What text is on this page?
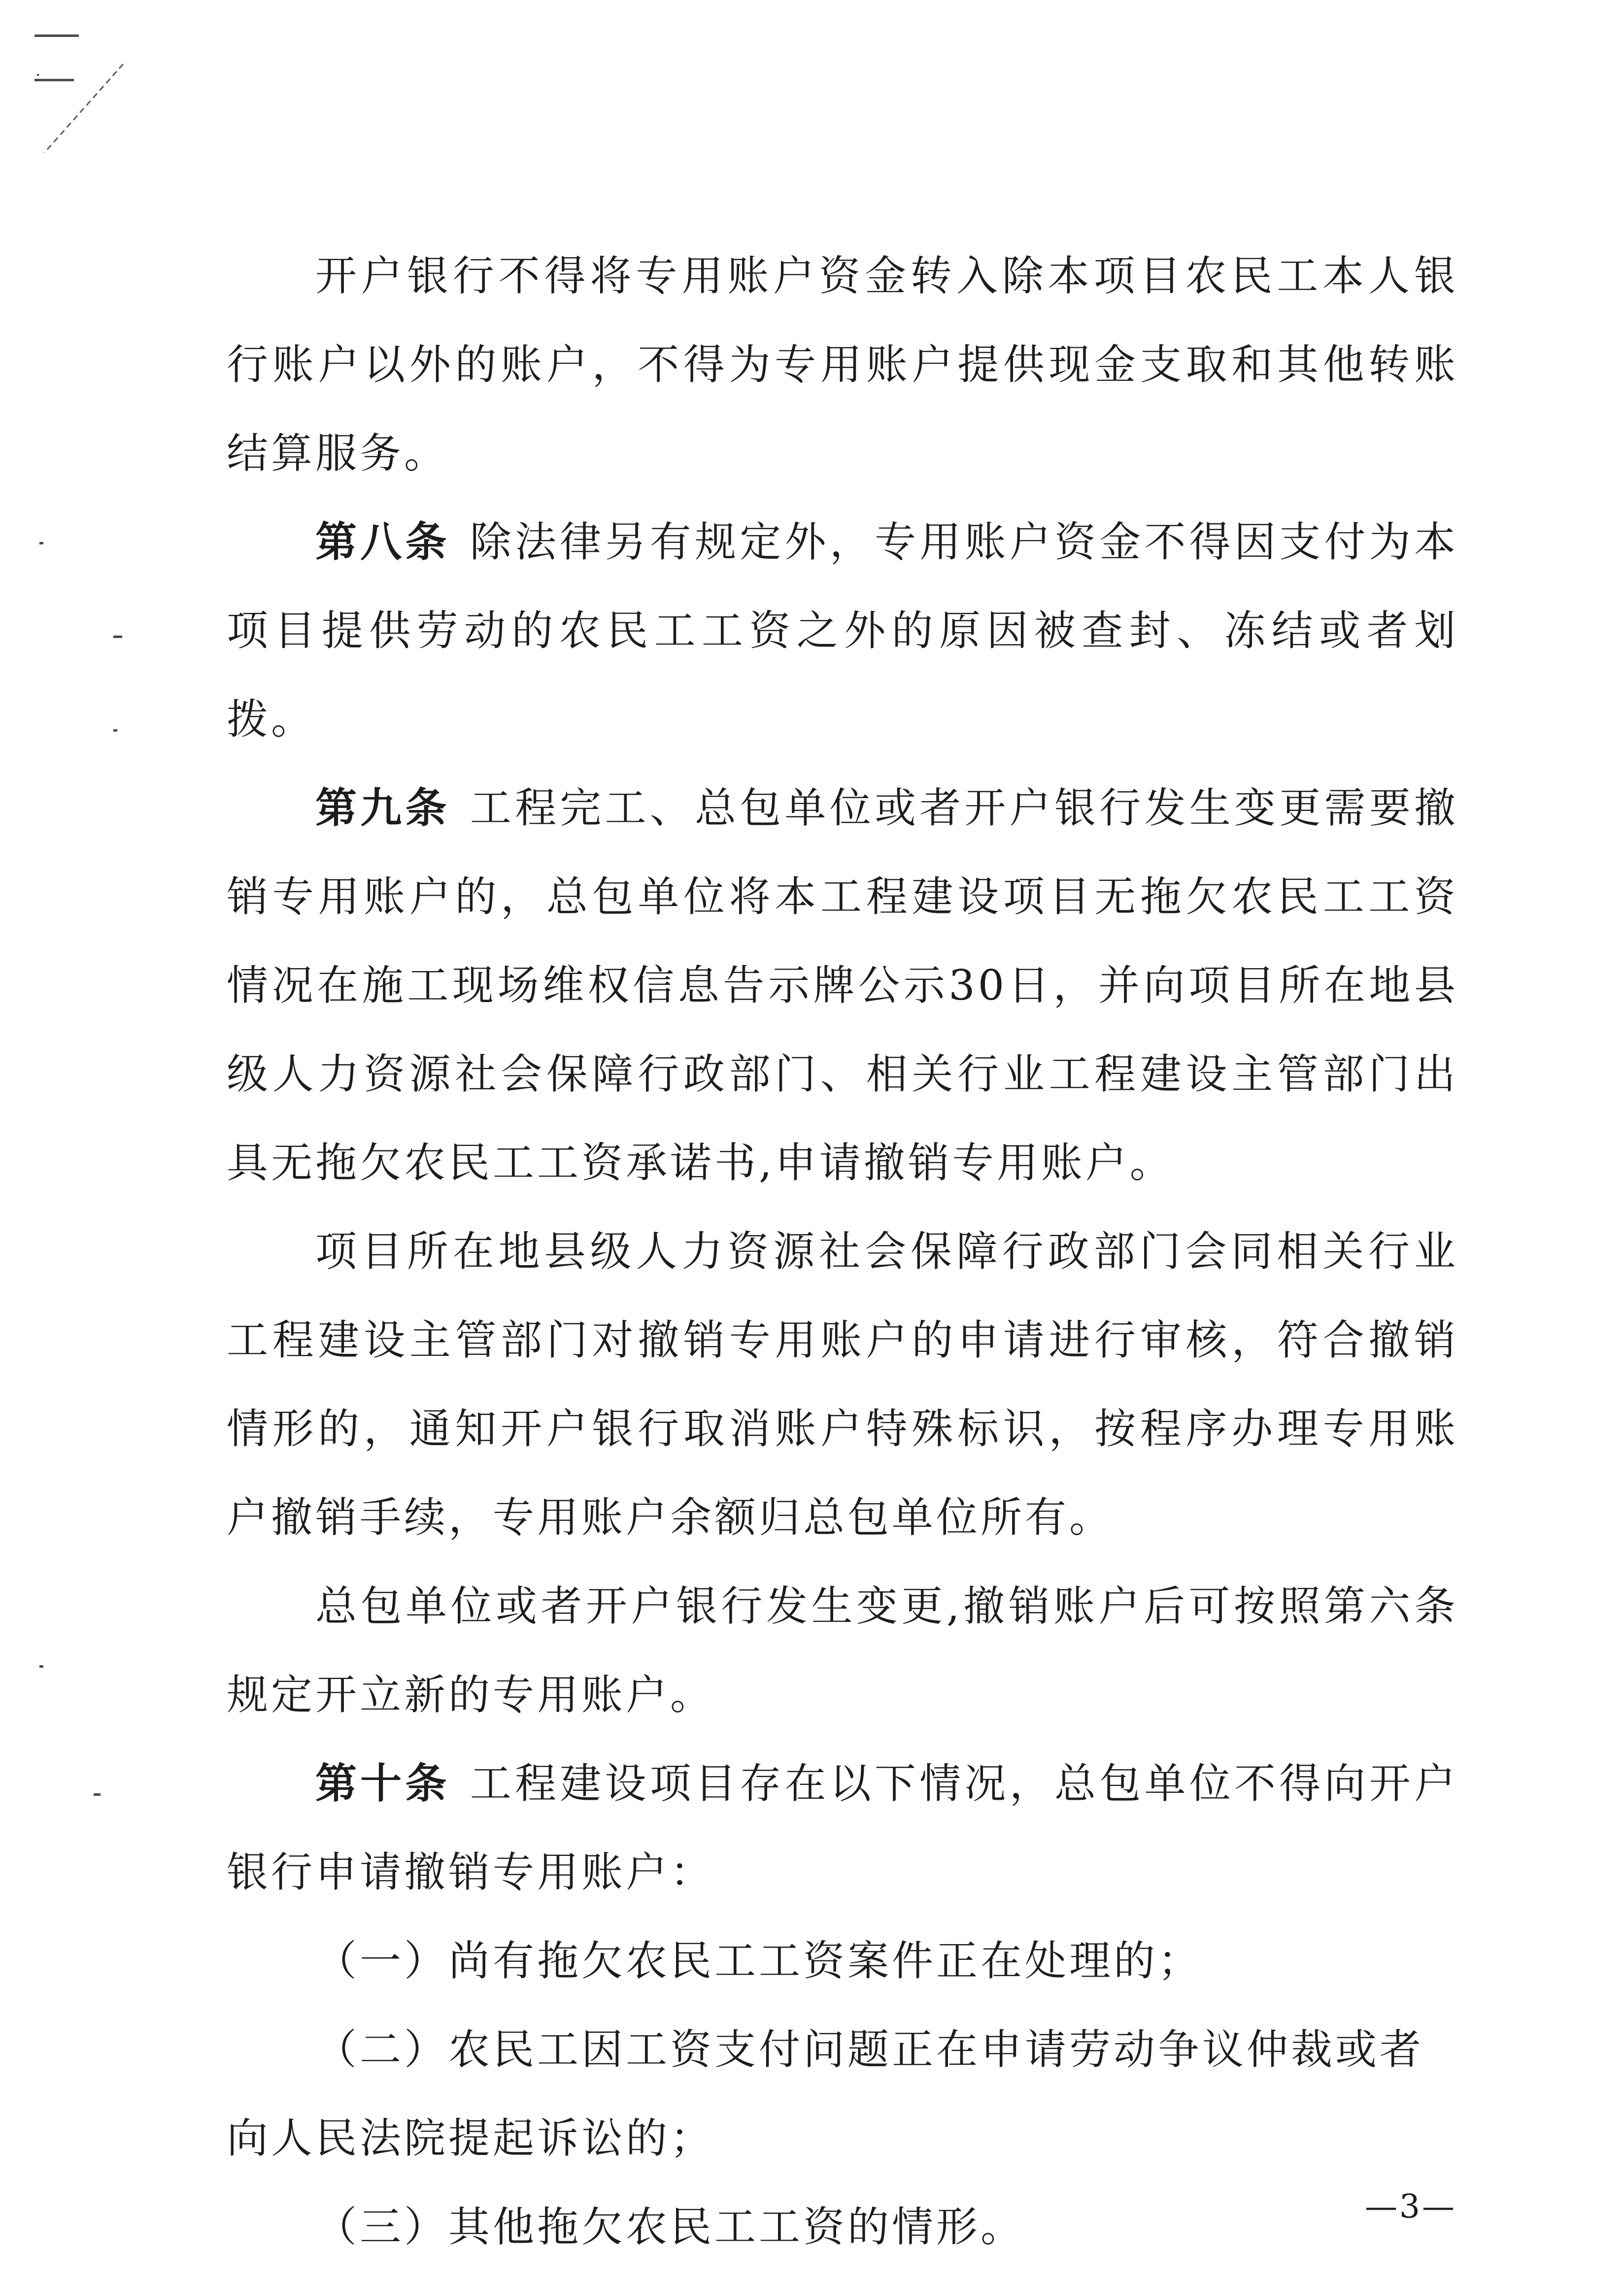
开户银行不得将专用账户资金转入除本项目农民工本人银行账户以外的账户，不得为专用账户提供现金支取和其他转账结算服务。

第八条 除法律另有规定外，专用账户资金不得因支付为本项目提供劳动的农民工工资之外的原因被查封、冻结或者划拨。

第九条 工程完工、总包单位或者开户银行发生变更需要撤销专用账户的，总包单位将本工程建设项目无拖欠农民工工资情况在施工现场维权信息告示牌公示30日，并向项目所在地县级人力资源社会保障行政部门、相关行业工程建设主管部门出具无拖欠农民工工资承诺书,申请撤销专用账户。

项目所在地县级人力资源社会保障行政部门会同相关行业工程建设主管部门对撤销专用账户的申请进行审核，符合撤销情形的，通知开户银行取消账户特殊标识，按程序办理专用账户撤销手续，专用账户余额归总包单位所有。

总包单位或者开户银行发生变更,撤销账户后可按照第六条规定开立新的专用账户。

第十条 工程建设项目存在以下情况，总包单位不得向开户银行申请撤销专用账户：

（一）尚有拖欠农民工工资案件正在处理的；

（二）农民工因工资支付问题正在申请劳动争议仲裁或者向人民法院提起诉讼的；

（三）其他拖欠农民工工资的情形。	—3—
